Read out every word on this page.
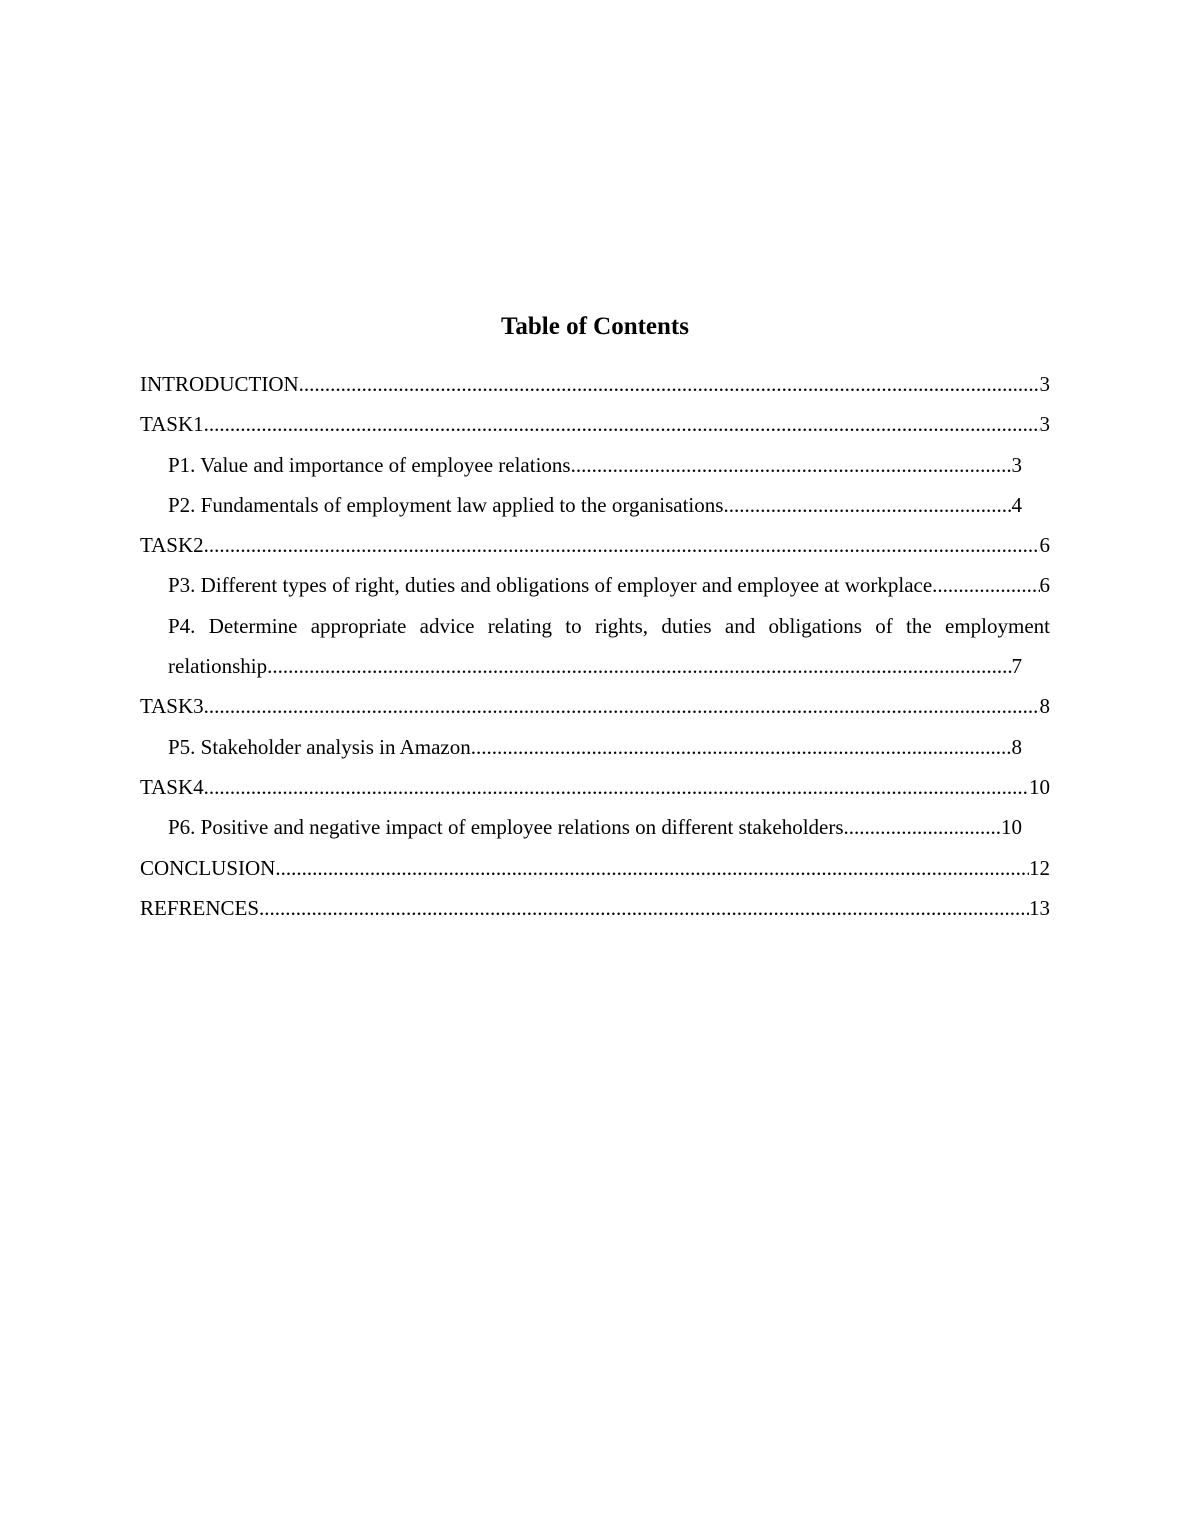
Table of Contents
INTRODUCTION .....	3
TASK1 .....	3
P1. Value and importance of employee relations .....	3
P2. Fundamentals of employment law applied to the organisations .....	4
TASK2 .....	6
P3. Different types of right, duties and obligations of employer and employee at workplace .....	6
P4. Determine appropriate advice relating to rights, duties and obligations of the employment
relationship .....	7
TASK3 .....	8
P5. Stakeholder analysis in Amazon .....	8
TASK4 .....	10
P6. Positive and negative impact of employee relations on different stakeholders .....	10
CONCLUSION .....	12
REFRENCES .....	13
